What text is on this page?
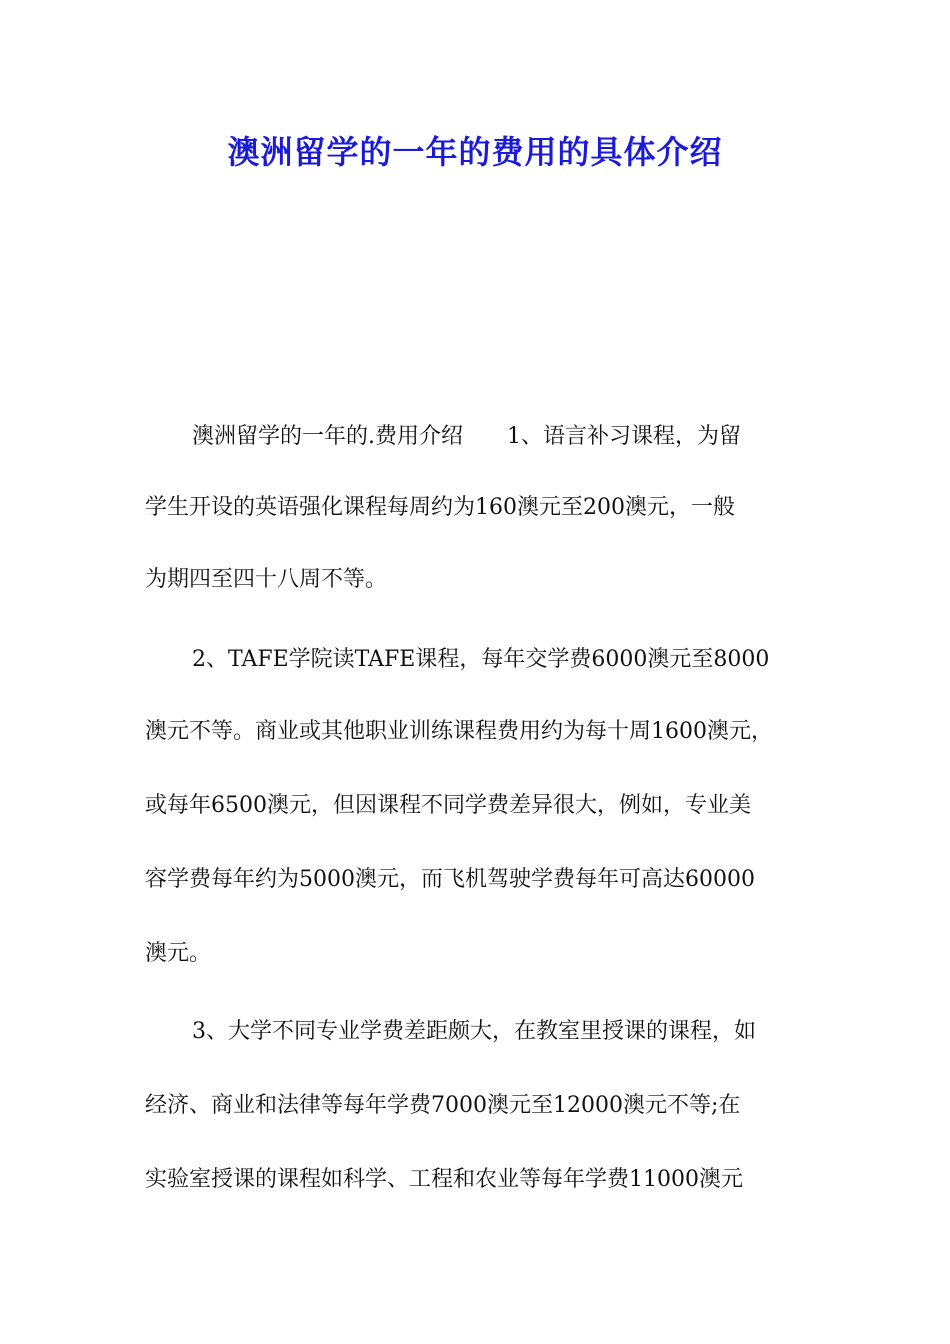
澳洲留学的一年的费用的具体介绍
澳洲留学的一年的.费用介绍　　1、语言补习课程，为留
学生开设的英语强化课程每周约为160澳元至200澳元，一般
为期四至四十八周不等。
2、TAFE学院读TAFE课程，每年交学费6000澳元至8000
澳元不等。商业或其他职业训练课程费用约为每十周1600澳元，
或每年6500澳元，但因课程不同学费差异很大，例如，专业美
容学费每年约为5000澳元，而飞机驾驶学费每年可高达60000
澳元。
3、大学不同专业学费差距颇大，在教室里授课的课程，如
经济、商业和法律等每年学费7000澳元至12000澳元不等;在
实验室授课的课程如科学、工程和农业等每年学费11000澳元
